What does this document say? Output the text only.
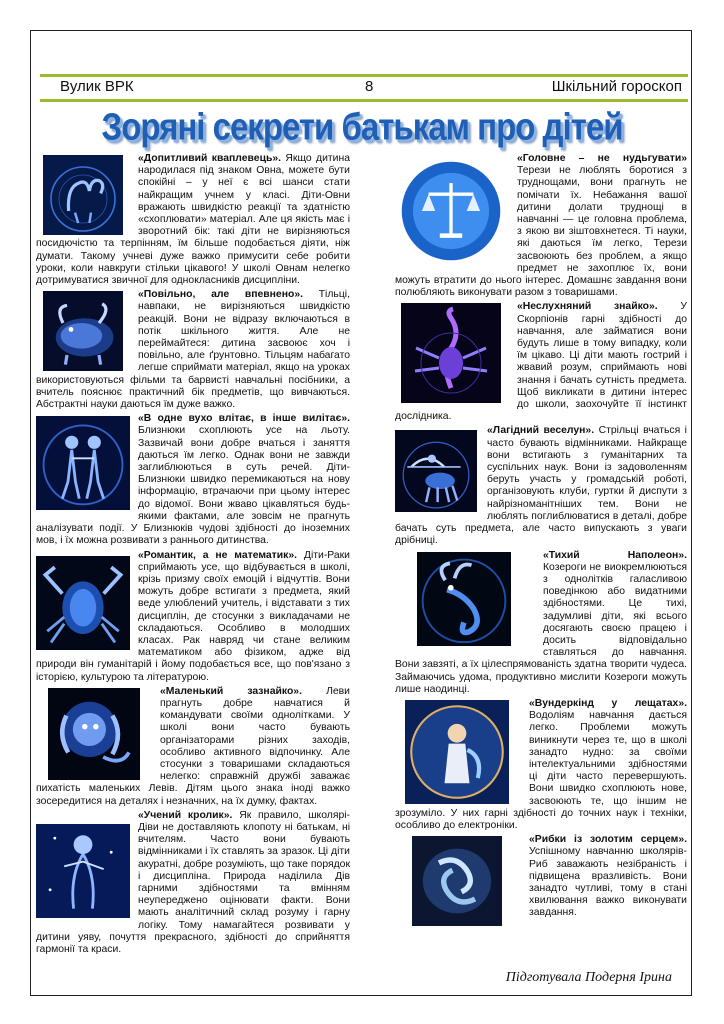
Вулик ВРК	8	Шкільний гороскоп
Зоряні секрети батькам про дітей
«Допитливий кваплевець». Якщо дитина народилася під знаком Овна, можете бути спокійні – у неї є всі шанси стати найкращим учнем у класі. Діти-Овни вражають швидкістю реакції та здатністю «схоплювати» матеріал. Але ця якість має і зворотний бік: такі діти не вирізняються посидючістю та терпінням, їм більше подобається діяти, ніж думати. Такому учневі дуже важко примусити себе робити уроки, коли навкруги стільки цікавого! У школі Овнам нелегко дотримуватися звичної для однокласників дисципліни.
«Повільно, але впевнено». Тільці, навпаки, не вирізняються швидкістю реакцій. Вони не відразу включаються в потік шкільного життя. Але не переймайтеся: дитина засвоює хоч і повільно, але ґрунтовно. Тільцям набагато легше сприймати матеріал, якщо на уроках використовуються фільми та барвисті навчальні посібники, а вчитель пояснює практичний бік предметів, що вивчаються. Абстрактні науки даються їм дуже важко.
«В одне вухо влітає, в інше вилітає». Близнюки схоплюють усе на льоту. Зазвичай вони добре вчаться і заняття даються їм легко. Однак вони не завжди заглиблюються в суть речей. Діти-Близнюки швидко перемикаються на нову інформацію, втрачаючи при цьому інтерес до відомої. Вони жваво цікавляться будь-якими фактами, але зовсім не прагнуть аналізувати події. У Близнюків чудові здібності до іноземних мов, і їх можна розвивати з раннього дитинства.
«Романтик, а не математик». Діти-Раки сприймають усе, що відбувається в школі, крізь призму своїх емоцій і відчуттів. Вони можуть добре встигати з предмета, який веде улюблений учитель, і відставати з тих дисциплін, де стосунки з викладачами не складаються. Особливо в молодших класах. Рак навряд чи стане великим математиком або фізиком, адже від природи він гуманітарій і йому подобається все, що пов'язано з історією, культурою та літературою.
«Маленький зазнайко». Леви прагнуть добре навчатися й командувати своїми однолітками. У школі вони часто бувають організаторами різних заходів, особливо активного відпочинку. Але стосунки з товаришами складаються нелегко: справжній дружбі заважає пихатість маленьких Левів. Дітям цього знака іноді важко зосередитися на деталях і незначних, на їх думку, фактах.
«Учений кролик». Як правило, школярі-Діви не доставляють клопоту ні батькам, ні вчителям. Часто вони бувають відмінниками і їх ставлять за зразок. Ці діти акуратні, добре розуміють, що таке порядок і дисципліна. Природа наділила Дів гарними здібностями та вмінням неупереджено оцінювати факти. Вони мають аналітичний склад розуму і гарну логіку. Тому намагайтеся розвивати у дитини уяву, почуття прекрасного, здібності до сприйняття гармонії та краси.
«Головне – не нудьгувати» Терези не люблять боротися з труднощами, вони прагнуть не помічати їх. Небажання вашої дитини долати труднощі в навчанні — це головна проблема, з якою ви зіштовхнетеся. Ті науки, які даються їм легко, Терези засвоюють без проблем, а якщо предмет не захоплює їх, вони можуть втратити до нього інтерес. Домашнє завдання вони полюбляють виконувати разом з товаришами.
«Неслухняний знайко». У Скорпіонів гарні здібності до навчання, але займатися вони будуть лише в тому випадку, коли їм цікаво. Ці діти мають гострий і жвавий розум, сприймають нові знання і бачать сутність предмета. Щоб викликати в дитини інтерес до школи, заохочуйте її інстинкт дослідника.
«Лагідний веселун». Стрільці вчаться і часто бувають відмінниками. Найкраще вони встигають з гуманітарних та суспільних наук. Вони із задоволенням беруть участь у громадській роботі, організовують клуби, гуртки й диспути з найрізноманітніших тем. Вони не люблять поглиблюватися в деталі, добре бачать суть предмета, але часто випускають з уваги дрібниці.
«Тихий Наполеон». Козероги не виокремлюються з однолітків галасливою поведінкою або видатними здібностями. Це тихі, задумливі діти, які всього досягають своєю працею і досить відповідально ставляться до навчання. Вони завзяті, а їх цілеспрямованість здатна творити чудеса. Займаючись удома, продуктивно мислити Козероги можуть лише наодинці.
«Вундеркінд у лещатах». Водоліям навчання дається легко. Проблеми можуть виникнути через те, що в школі занадто нудно: за своїми інтелектуальними здібностями ці діти часто перевершують. Вони швидко схоплюють нове, засвоюють те, що іншим не зрозуміло. У них гарні здібності до точних наук і техніки, особливо до електроніки.
«Рибки із золотим серцем». Успішному навчанню школярів-Риб заважають незібраність і підвищена вразливість. Вони занадто чутливі, тому в стані хвилювання важко виконувати завдання.
Підготувала Подерня Ірина
